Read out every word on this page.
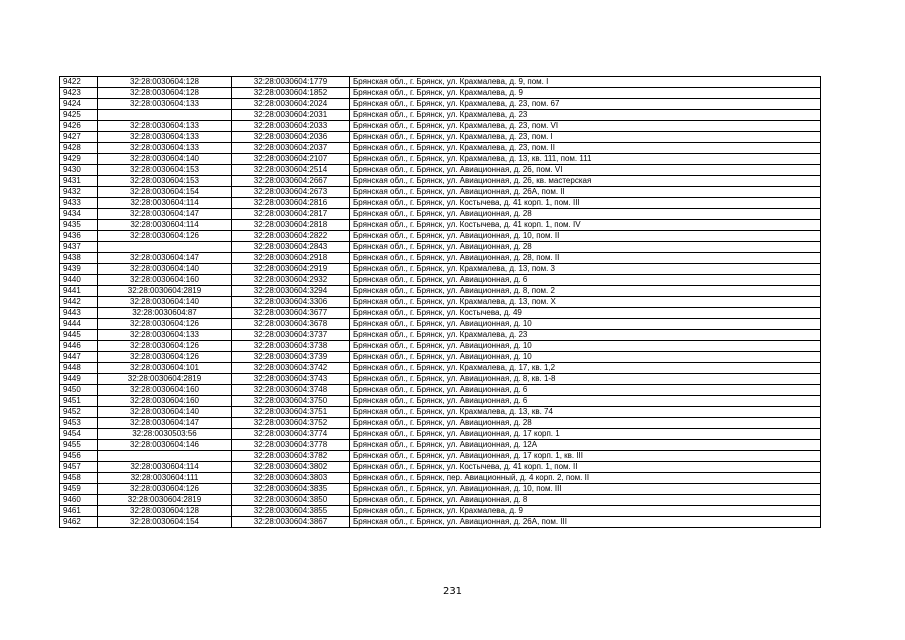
9422	32:28:0030604:128	32:28:0030604:1779	Брянская обл., г. Брянск, ул. Крахмалева, д. 9, пом. I
9423	32:28:0030604:128	32:28:0030604:1852	Брянская обл., г. Брянск, ул. Крахмалева, д. 9
9424	32:28:0030604:133	32:28:0030604:2024	Брянская обл., г. Брянск, ул. Крахмалева, д. 23, пом. 67
9425		32:28:0030604:2031	Брянская обл., г. Брянск, ул. Крахмалева, д. 23
9426	32:28:0030604:133	32:28:0030604:2033	Брянская обл., г. Брянск, ул. Крахмалева, д. 23, пом. VI
9427	32:28:0030604:133	32:28:0030604:2036	Брянская обл., г. Брянск, ул. Крахмалева, д. 23, пом. I
9428	32:28:0030604:133	32:28:0030604:2037	Брянская обл., г. Брянск, ул. Крахмалева, д. 23, пом. II
9429	32:28:0030604:140	32:28:0030604:2107	Брянская обл., г. Брянск, ул. Крахмалева, д. 13, кв. 111, пом. 111
9430	32:28:0030604:153	32:28:0030604:2514	Брянская обл., г. Брянск, ул. Авиационная, д. 26, пом. VI
9431	32:28:0030604:153	32:28:0030604:2667	Брянская обл., г. Брянск, ул. Авиационная, д. 26, кв. мастерская
9432	32:28:0030604:154	32:28:0030604:2673	Брянская обл., г. Брянск, ул. Авиационная, д. 26А, пом. II
9433	32:28:0030604:114	32:28:0030604:2816	Брянская обл., г. Брянск, ул. Костычева, д. 41 корп. 1, пом. III
9434	32:28:0030604:147	32:28:0030604:2817	Брянская обл., г. Брянск, ул. Авиационная, д. 28
9435	32:28:0030604:114	32:28:0030604:2818	Брянская обл., г. Брянск, ул. Костычева, д. 41 корп. 1, пом. IV
9436	32:28:0030604:126	32:28:0030604:2822	Брянская обл., г. Брянск, ул. Авиационная, д. 10, пом. II
9437		32:28:0030604:2843	Брянская обл., г. Брянск, ул. Авиационная, д. 28
9438	32:28:0030604:147	32:28:0030604:2918	Брянская обл., г. Брянск, ул. Авиационная, д. 28, пом. II
9439	32:28:0030604:140	32:28:0030604:2919	Брянская обл., г. Брянск, ул. Крахмалева, д. 13, пом. 3
9440	32:28:0030604:160	32:28:0030604:2932	Брянская обл., г. Брянск, ул. Авиационная, д. 6
9441	32:28:0030604:2819	32:28:0030604:3294	Брянская обл., г. Брянск, ул. Авиационная, д. 8, пом. 2
9442	32:28:0030604:140	32:28:0030604:3306	Брянская обл., г. Брянск, ул. Крахмалева, д. 13, пом. X
9443	32:28:0030604:87	32:28:0030604:3677	Брянская обл., г. Брянск, ул. Костычева, д. 49
9444	32:28:0030604:126	32:28:0030604:3678	Брянская обл., г. Брянск, ул. Авиационная, д. 10
9445	32:28:0030604:133	32:28:0030604:3737	Брянская обл., г. Брянск, ул. Крахмалева, д. 23
9446	32:28:0030604:126	32:28:0030604:3738	Брянская обл., г. Брянск, ул. Авиационная, д. 10
9447	32:28:0030604:126	32:28:0030604:3739	Брянская обл., г. Брянск, ул. Авиационная, д. 10
9448	32:28:0030604:101	32:28:0030604:3742	Брянская обл., г. Брянск, ул. Крахмалева, д. 17, кв. 1,2
9449	32:28:0030604:2819	32:28:0030604:3743	Брянская обл., г. Брянск, ул. Авиационная, д. 8, кв. 1-8
9450	32:28:0030604:160	32:28:0030604:3748	Брянская обл., г. Брянск, ул. Авиационная, д. 6
9451	32:28:0030604:160	32:28:0030604:3750	Брянская обл., г. Брянск, ул. Авиационная, д. 6
9452	32:28:0030604:140	32:28:0030604:3751	Брянская обл., г. Брянск, ул. Крахмалева, д. 13, кв. 74
9453	32:28:0030604:147	32:28:0030604:3752	Брянская обл., г. Брянск, ул. Авиационная, д. 28
9454	32:28:0030503:56	32:28:0030604:3774	Брянская обл., г. Брянск, ул. Авиационная, д. 17 корп. 1
9455	32:28:0030604:146	32:28:0030604:3778	Брянская обл., г. Брянск, ул. Авиационная, д. 12А
9456		32:28:0030604:3782	Брянская обл., г. Брянск, ул. Авиационная, д. 17 корп. 1, кв. III
9457	32:28:0030604:114	32:28:0030604:3802	Брянская обл., г. Брянск, ул. Костычева, д. 41 корп. 1, пом. II
9458	32:28:0030604:111	32:28:0030604:3803	Брянская обл., г. Брянск, пер. Авиационный, д. 4 корп. 2, пом. II
9459	32:28:0030604:126	32:28:0030604:3835	Брянская обл., г. Брянск, ул. Авиационная, д. 10, пом. III
9460	32:28:0030604:2819	32:28:0030604:3850	Брянская обл., г. Брянск, ул. Авиационная, д. 8
9461	32:28:0030604:128	32:28:0030604:3855	Брянская обл., г. Брянск, ул. Крахмалева, д. 9
9462	32:28:0030604:154	32:28:0030604:3867	Брянская обл., г. Брянск, ул. Авиационная, д. 26А, пом. III
231
